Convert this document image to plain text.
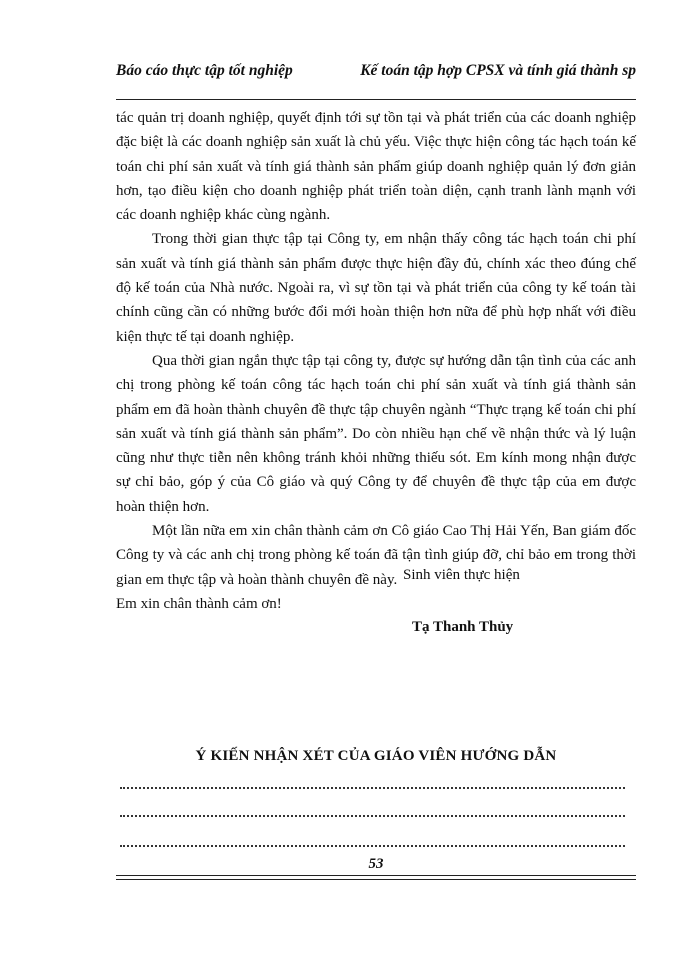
Báo cáo thực tập tốt nghiệp	Kế toán tập hợp CPSX và tính giá thành sp

tác quản trị doanh nghiệp, quyết định tới sự tồn tại và phát triển của các doanh nghiệp đặc biệt là các doanh nghiệp sản xuất là chủ yếu. Việc thực hiện công tác hạch toán kế toán chi phí sản xuất và tính giá thành sản phẩm giúp doanh nghiệp quản lý đơn giản hơn, tạo điều kiện cho doanh nghiệp phát triển toàn diện, cạnh tranh lành mạnh với các doanh nghiệp khác cùng ngành.

Trong thời gian thực tập tại Công ty, em nhận thấy công tác hạch toán chi phí sản xuất và tính giá thành sản phẩm được thực hiện đầy đủ, chính xác theo đúng chế độ kế toán của Nhà nước. Ngoài ra, vì sự tồn tại và phát triển của công ty kế toán tài chính cũng cần có những bước đổi mới hoàn thiện hơn nữa để phù hợp nhất với điều kiện thực tế tại doanh nghiệp.

Qua thời gian ngắn thực tập tại công ty, được sự hướng dẫn tận tình của các anh chị trong phòng kế toán công tác hạch toán chi phí sản xuất và tính giá thành sản phẩm em đã hoàn thành chuyên đề thực tập chuyên ngành “Thực trạng kế toán chi phí sản xuất và tính giá thành sản phẩm”. Do còn nhiều hạn chế về nhận thức và lý luận cũng như thực tiễn nên không tránh khỏi những thiếu sót. Em kính mong nhận được sự chỉ bảo, góp ý của Cô giáo và quý Công ty để chuyên đề thực tập của em được hoàn thiện hơn.

Một lần nữa em xin chân thành cảm ơn Cô giáo Cao Thị Hải Yến, Ban giám đốc Công ty và các anh chị trong phòng kế toán đã tận tình giúp đỡ, chỉ bảo em trong thời gian em thực tập và hoàn thành chuyên đề này.

Em xin chân thành cảm ơn!

Sinh viên thực hiện
Tạ Thanh Thủy
Ý KIẾN NHẬN XÉT CỦA GIÁO VIÊN HƯỚNG DẪN
53
